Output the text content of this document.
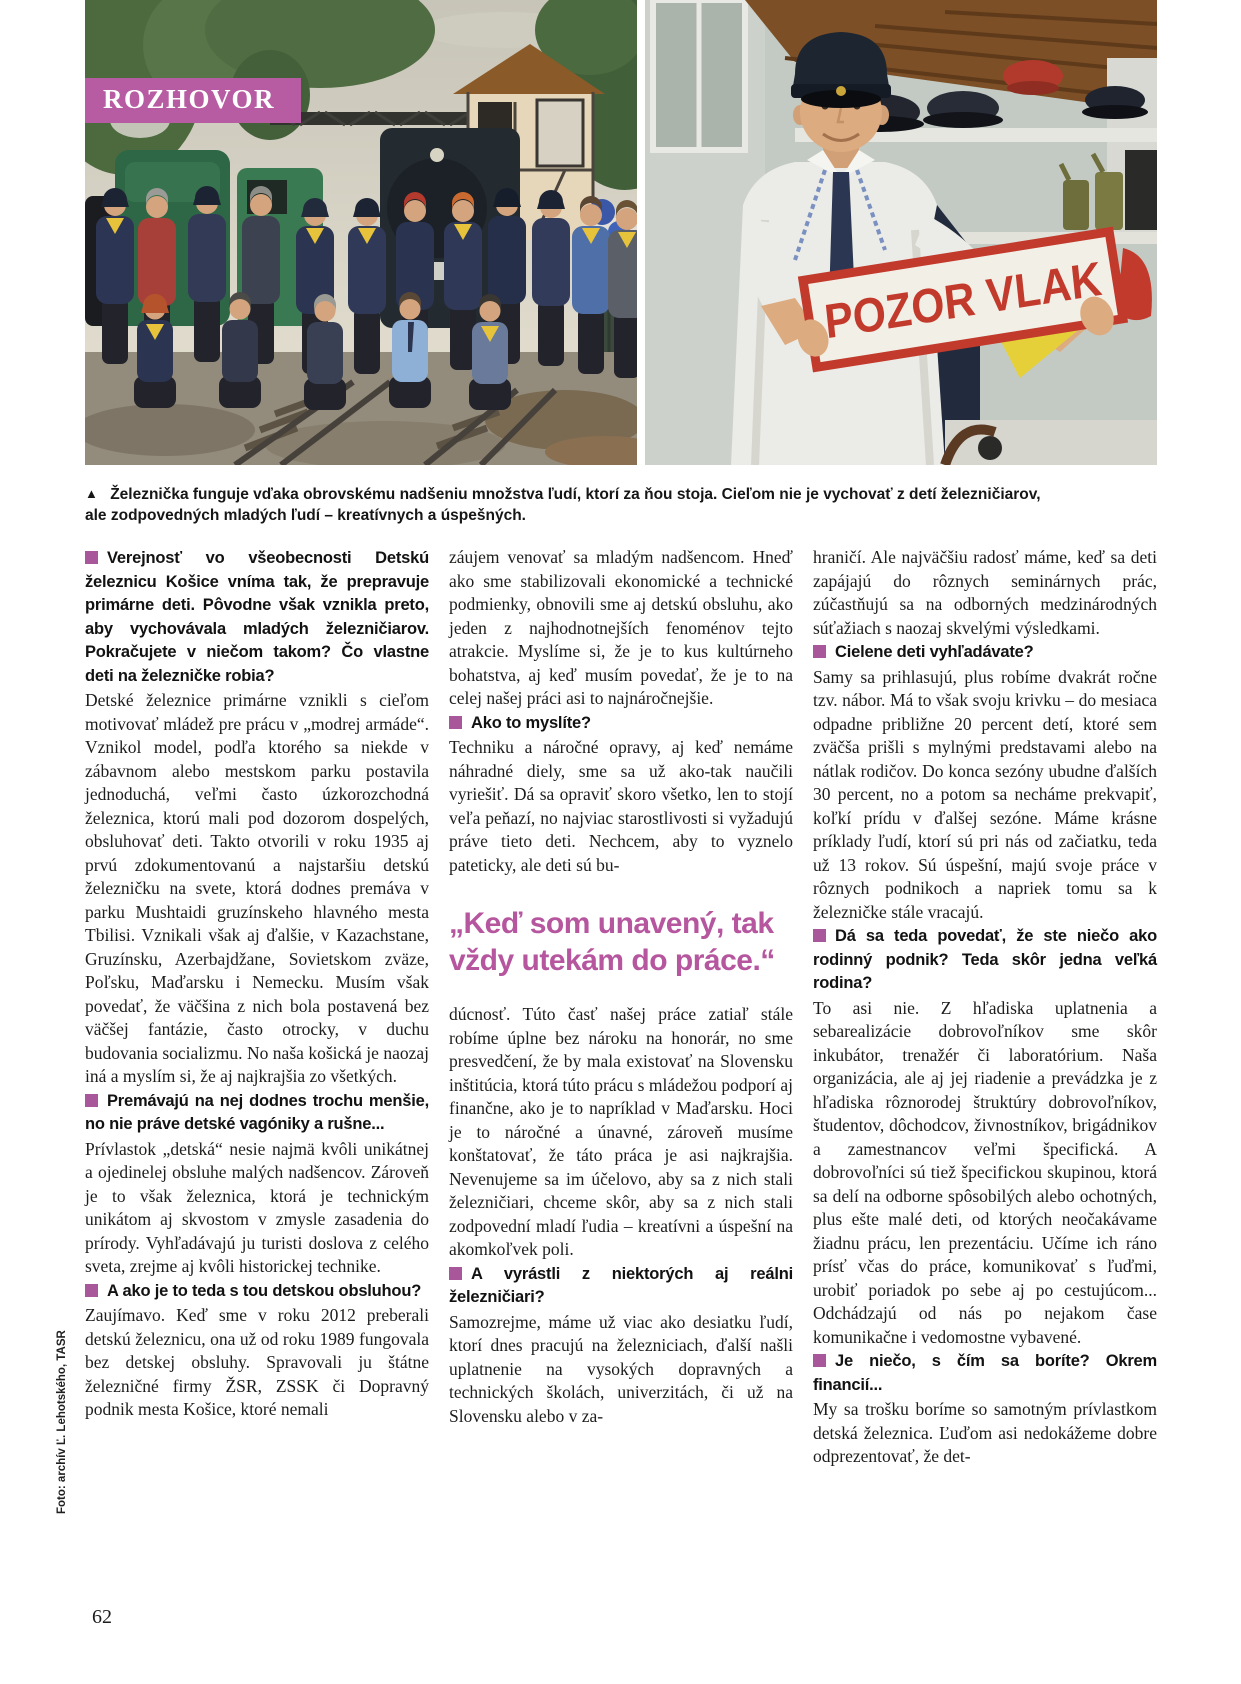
ROZHOVOR
POZOR VLAK

▲ Železnička funguje vďaka obrovskému nadšeniu množstva ľudí, ktorí za ňou stoja. Cieľom nie je vychovať z detí železničiarov, ale zodpovedných mladých ľudí – kreatívnych a úspešných.

Verejnosť vo všeobecnosti Detskú železnicu Košice vníma tak, že prepravuje primárne deti. Pôvodne však vznikla preto, aby vychovávala mladých železničiarov. Pokračujete v niečom takom? Čo vlastne deti na železničke robia?

Detské železnice primárne vznikli s cieľom motivovať mládež pre prácu v „modrej armáde“. Vznikol model, podľa ktorého sa niekde v zábavnom alebo mestskom parku postavila jednoduchá, veľmi často úzkorozchodná železnica, ktorú mali pod dozorom dospelých, obsluhovať deti. Takto otvorili v roku 1935 aj prvú zdokumentovanú a najstaršiu detskú železničku na svete, ktorá dodnes premáva v parku Mushtaidi gruzínskeho hlavného mesta Tbilisi. Vznikali však aj ďalšie, v Kazachstane, Gruzínsku, Azerbajdžane, Sovietskom zväze, Poľsku, Maďarsku i Nemecku. Musím však povedať, že väčšina z nich bola postavená bez väčšej fantázie, často otrocky, v duchu budovania socializmu. No naša košická je naozaj iná a myslím si, že aj najkrajšia zo všetkých.

Premávajú na nej dodnes trochu menšie, no nie práve detské vagóniky a rušne...

Prívlastok „detská“ nesie najmä kvôli unikátnej a ojedinelej obsluhe malých nadšencov. Zároveň je to však železnica, ktorá je technickým unikátom aj skvostom v zmysle zasadenia do prírody. Vyhľadávajú ju turisti doslova z celého sveta, zrejme aj kvôli historickej technike.

A ako je to teda s tou detskou obsluhou?

Zaujímavo. Keď sme v roku 2012 preberali detskú železnicu, ona už od roku 1989 fungovala bez detskej obsluhy. Spravovali ju štátne železničné firmy ŽSR, ZSSK či Dopravný podnik mesta Košice, ktoré nemali

záujem venovať sa mladým nadšencom. Hneď ako sme stabilizovali ekonomické a technické podmienky, obnovili sme aj detskú obsluhu, ako jeden z najhodnotnejších fenoménov tejto atrakcie. Myslíme si, že je to kus kultúrneho bohatstva, aj keď musím povedať, že je to na celej našej práci asi to najnáročnejšie.

Ako to myslíte?

Techniku a náročné opravy, aj keď nemáme náhradné diely, sme sa už ako-tak naučili vyriešiť. Dá sa opraviť skoro všetko, len to stojí veľa peňazí, no najviac starostlivosti si vyžadujú práve tieto deti. Nechcem, aby to vyznelo pateticky, ale deti sú bu-

„Keď som unavený, tak vždy utekám do práce.“

dúcnosť. Túto časť našej práce zatiaľ stále robíme úplne bez nároku na honorár, no sme presvedčení, že by mala existovať na Slovensku inštitúcia, ktorá túto prácu s mládežou podporí aj finančne, ako je to napríklad v Maďarsku. Hoci je to náročné a únavné, zároveň musíme konštatovať, že táto práca je asi najkrajšia. Nevenujeme sa im účelovo, aby sa z nich stali železničiari, chceme skôr, aby sa z nich stali zodpovední mladí ľudia – kreatívni a úspešní na akomkoľvek poli.

A vyrástli z niektorých aj reálni železničiari?

Samozrejme, máme už viac ako desiatku ľudí, ktorí dnes pracujú na železniciach, ďalší našli uplatnenie na vysokých dopravných a technických školách, univerzitách, či už na Slovensku alebo v za-

hraničí. Ale najväčšiu radosť máme, keď sa deti zapájajú do rôznych seminárnych prác, zúčastňujú sa na odborných medzinárodných súťažiach s naozaj skvelými výsledkami.

Cielene deti vyhľadávate?

Samy sa prihlasujú, plus robíme dvakrát ročne tzv. nábor. Má to však svoju krivku – do mesiaca odpadne približne 20 percent detí, ktoré sem zväčša prišli s mylnými predstavami alebo na nátlak rodičov. Do konca sezóny ubudne ďalších 30 percent, no a potom sa necháme prekvapiť, koľkí prídu v ďalšej sezóne. Máme krásne príklady ľudí, ktorí sú pri nás od začiatku, teda už 13 rokov. Sú úspešní, majú svoje práce v rôznych podnikoch a napriek tomu sa k železničke stále vracajú.

Dá sa teda povedať, že ste niečo ako rodinný podnik? Teda skôr jedna veľká rodina?

To asi nie. Z hľadiska uplatnenia a sebarealizácie dobrovoľníkov sme skôr inkubátor, trenažér či laboratórium. Naša organizácia, ale aj jej riadenie a prevádzka je z hľadiska rôznorodej štruktúry dobrovoľníkov, študentov, dôchodcov, živnostníkov, brigádnikov a zamestnancov veľmi špecifická. A dobrovoľníci sú tiež špecifickou skupinou, ktorá sa delí na odborne spôsobilých alebo ochotných, plus ešte malé deti, od ktorých neočakávame žiadnu prácu, len prezentáciu. Učíme ich ráno prísť včas do práce, komunikovať s ľuďmi, urobiť poriadok po sebe aj po cestujúcom... Odchádzajú od nás po nejakom čase komunikačne i vedomostne vybavené.

Je niečo, s čím sa boríte? Okrem financií...

My sa trošku boríme so samotným prívlastkom detská železnica. Ľuďom asi nedokážeme dobre odprezentovať, že det-

Foto: archív Ľ. Lehotského, TASR
62
